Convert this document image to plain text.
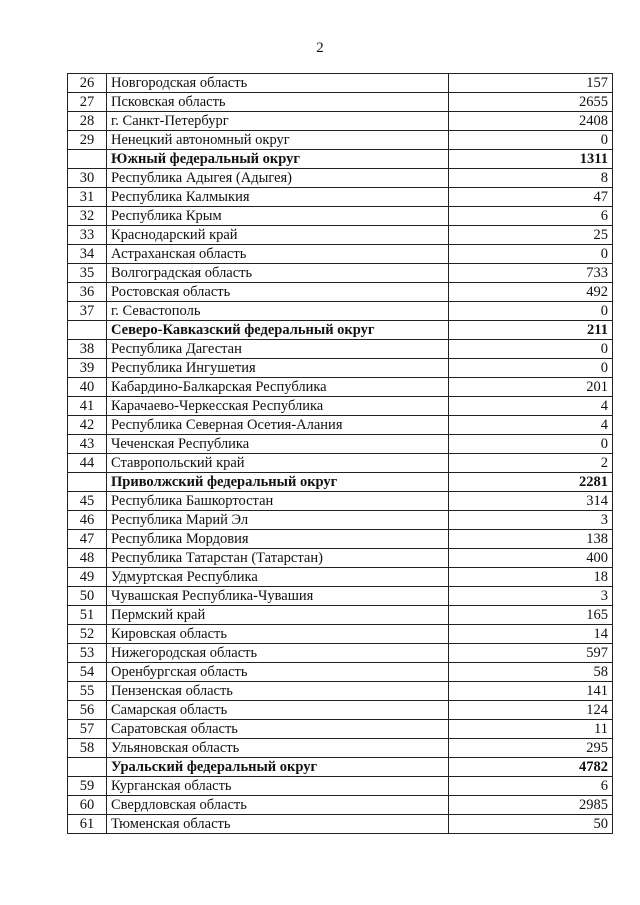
2
26	Новгородская область	157
27	Псковская область	2655
28	г. Санкт-Петербург	2408
29	Ненецкий автономный округ	0
	Южный федеральный округ	1311
30	Республика Адыгея (Адыгея)	8
31	Республика Калмыкия	47
32	Республика Крым	6
33	Краснодарский край	25
34	Астраханская область	0
35	Волгоградская область	733
36	Ростовская область	492
37	г. Севастополь	0
	Северо-Кавказский федеральный округ	211
38	Республика Дагестан	0
39	Республика Ингушетия	0
40	Кабардино-Балкарская Республика	201
41	Карачаево-Черкесская Республика	4
42	Республика Северная Осетия-Алания	4
43	Чеченская Республика	0
44	Ставропольский край	2
	Приволжский федеральный округ	2281
45	Республика Башкортостан	314
46	Республика Марий Эл	3
47	Республика Мордовия	138
48	Республика Татарстан (Татарстан)	400
49	Удмуртская Республика	18
50	Чувашская Республика-Чувашия	3
51	Пермский край	165
52	Кировская область	14
53	Нижегородская область	597
54	Оренбургская область	58
55	Пензенская область	141
56	Самарская область	124
57	Саратовская область	11
58	Ульяновская область	295
	Уральский федеральный округ	4782
59	Курганская область	6
60	Свердловская область	2985
61	Тюменская область	50
